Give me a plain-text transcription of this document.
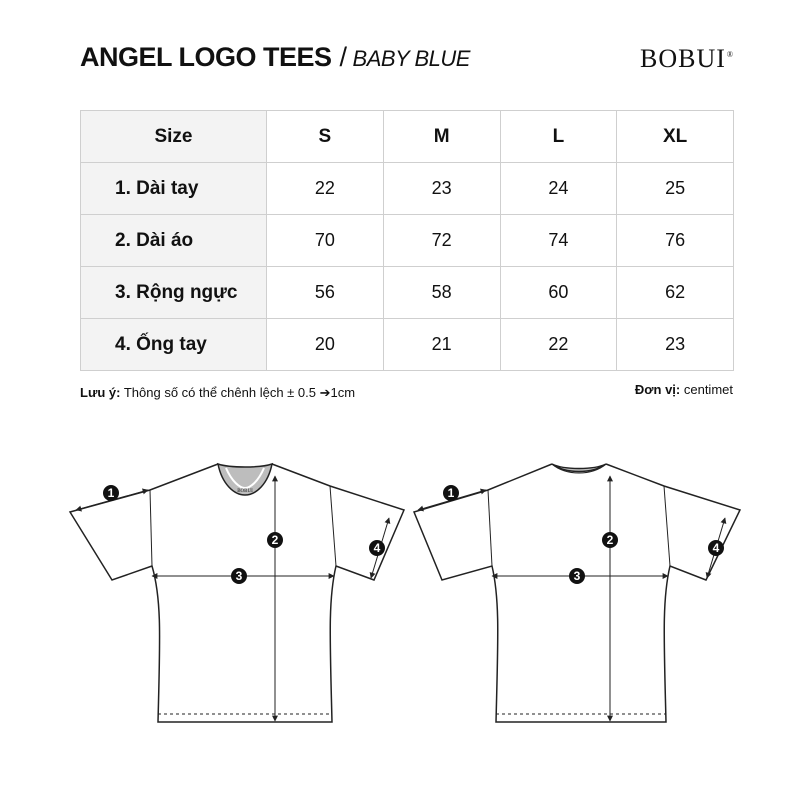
ANGEL LOGO TEES / BABY BLUE	BOBUI®
Size	S	M	L	XL
1. Dài tay	22	23	24	25
2. Dài áo	70	72	74	76
3. Rộng ngực	56	58	60	62
4. Ống tay	20	21	22	23
Lưu ý: Thông số có thể chênh lệch ± 0.5 ➔1cm	Đơn vị: centimet
BOBUI
1
2
3
4
1
2
3
4
